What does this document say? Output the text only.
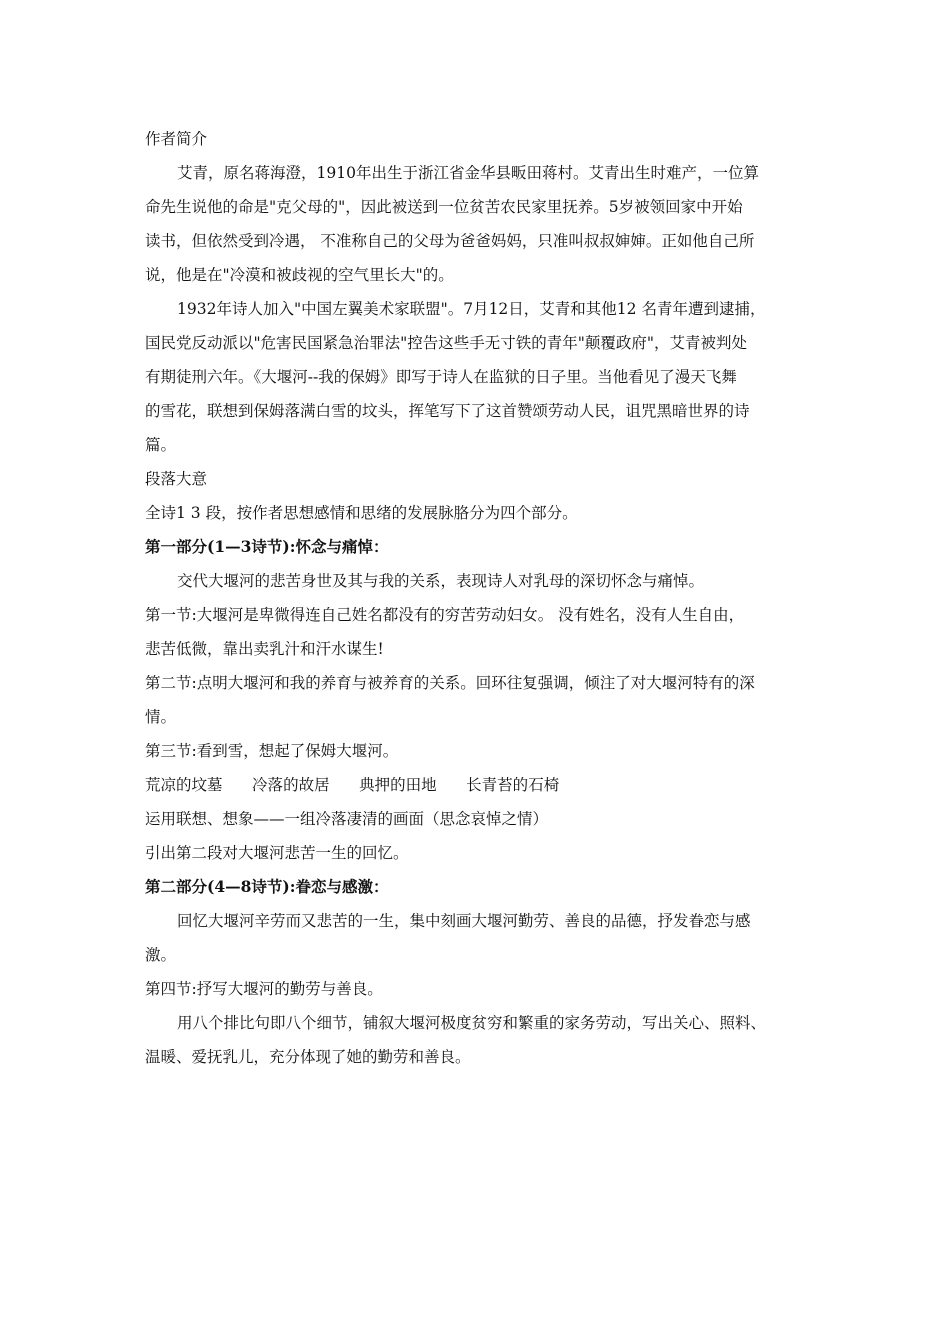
作者简介
艾青，原名蒋海澄，1910年出生于浙江省金华县畈田蒋村。艾青出生时难产，一位算
命先生说他的命是"克父母的"，因此被送到一位贫苦农民家里抚养。5岁被领回家中开始
读书，但依然受到冷遇， 不准称自己的父母为爸爸妈妈，只准叫叔叔婶婶。正如他自己所
说，他是在"冷漠和被歧视的空气里长大"的。
1932年诗人加入"中国左翼美术家联盟"。7月12日，艾青和其他12 名青年遭到逮捕，
国民党反动派以"危害民国紧急治罪法"控告这些手无寸铁的青年"颠覆政府"，艾青被判处
有期徒刑六年。《大堰河--我的保姆》即写于诗人在监狱的日子里。当他看见了漫天飞舞
的雪花，联想到保姆落满白雪的坟头，挥笔写下了这首赞颂劳动人民，诅咒黑暗世界的诗
篇。
段落大意
全诗1 3 段，按作者思想感情和思绪的发展脉胳分为四个部分。
第一部分(1—3诗节):怀念与痛悼：
交代大堰河的悲苦身世及其与我的关系，表现诗人对乳母的深切怀念与痛悼。
第一节:大堰河是卑微得连自己姓名都没有的穷苦劳动妇女。 没有姓名，没有人生自由，
悲苦低微，靠出卖乳汁和汗水谋生!
第二节:点明大堰河和我的养育与被养育的关系。回环往复强调，倾注了对大堰河特有的深
情。
第三节:看到雪，想起了保姆大堰河。
荒凉的坟墓      冷落的故居      典押的田地      长青苔的石椅
运用联想、想象——一组冷落凄清的画面（思念哀悼之情）
引出第二段对大堰河悲苦一生的回忆。
第二部分(4—8诗节):眷恋与感激：
回忆大堰河辛劳而又悲苦的一生，集中刻画大堰河勤劳、善良的品德，抒发眷恋与感
激。
第四节:抒写大堰河的勤劳与善良。
用八个排比句即八个细节，铺叙大堰河极度贫穷和繁重的家务劳动，写出关心、照料、
温暖、爱抚乳儿，充分体现了她的勤劳和善良。
